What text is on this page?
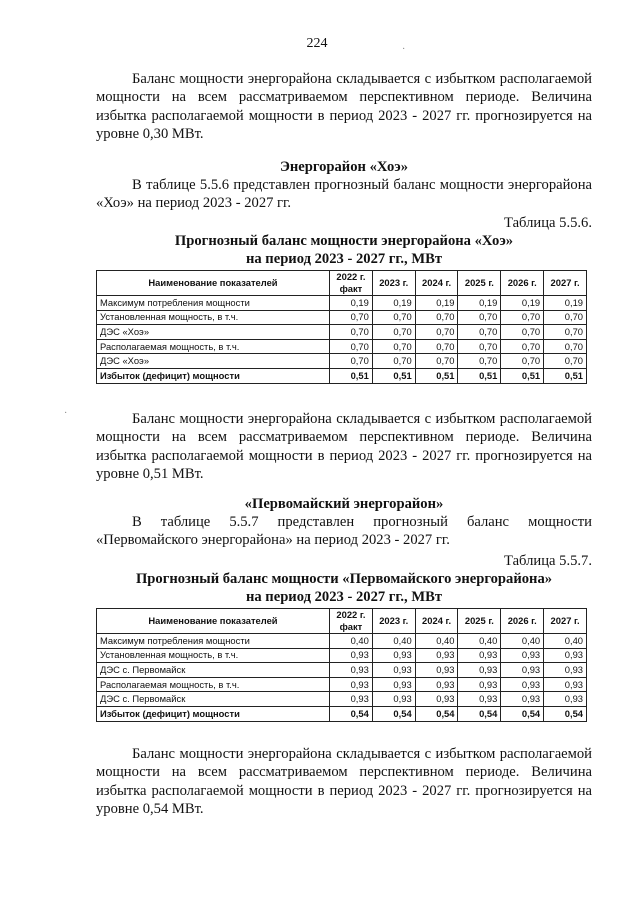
224
Баланс мощности энергорайона складывается с избытком располагаемой мощности на всем рассматриваемом перспективном периоде. Величина избытка располагаемой мощности в период 2023 - 2027 гг. прогнозируется на уровне 0,30 МВт.
Энергорайон «Хоэ»
В таблице 5.5.6 представлен прогнозный баланс мощности энергорайона «Хоэ» на период 2023 - 2027 гг.
Таблица 5.5.6.
Прогнозный баланс мощности энергорайона «Хоэ»
на период 2023 - 2027 гг., МВт
Наименование показателей	2022 г. факт	2023 г.	2024 г.	2025 г.	2026 г.	2027 г.
Максимум потребления мощности	0,19	0,19	0,19	0,19	0,19	0,19
Установленная мощность, в т.ч.	0,70	0,70	0,70	0,70	0,70	0,70
ДЭС «Хоэ»	0,70	0,70	0,70	0,70	0,70	0,70
Располагаемая мощность, в т.ч.	0,70	0,70	0,70	0,70	0,70	0,70
ДЭС «Хоэ»	0,70	0,70	0,70	0,70	0,70	0,70
Избыток (дефицит) мощности	0,51	0,51	0,51	0,51	0,51	0,51
Баланс мощности энергорайона складывается с избытком располагаемой мощности на всем рассматриваемом перспективном периоде. Величина избытка располагаемой мощности в период 2023 - 2027 гг. прогнозируется на уровне 0,51 МВт.
«Первомайский энергорайон»
В таблице 5.5.7 представлен прогнозный баланс мощности «Первомайского энергорайона» на период 2023 - 2027 гг.
Таблица 5.5.7.
Прогнозный баланс мощности «Первомайского энергорайона»
на период 2023 - 2027 гг., МВт
Наименование показателей	2022 г. факт	2023 г.	2024 г.	2025 г.	2026 г.	2027 г.
Максимум потребления мощности	0,40	0,40	0,40	0,40	0,40	0,40
Установленная мощность, в т.ч.	0,93	0,93	0,93	0,93	0,93	0,93
ДЭС с. Первомайск	0,93	0,93	0,93	0,93	0,93	0,93
Располагаемая мощность, в т.ч.	0,93	0,93	0,93	0,93	0,93	0,93
ДЭС с. Первомайск	0,93	0,93	0,93	0,93	0,93	0,93
Избыток (дефицит) мощности	0,54	0,54	0,54	0,54	0,54	0,54
Баланс мощности энергорайона складывается с избытком располагаемой мощности на всем рассматриваемом перспективном периоде. Величина избытка располагаемой мощности в период 2023 - 2027 гг. прогнозируется на уровне 0,54 МВт.
·
·
